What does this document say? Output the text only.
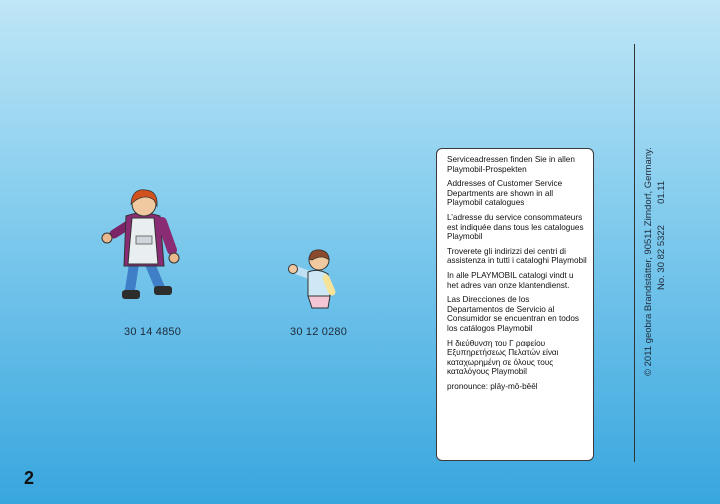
30 14 4850	30 12 0280

Serviceadressen finden Sie in allen Playmobil-Prospekten

Addresses of Customer Service Departments are shown in all Playmobil catalogues

L’adresse du service consommateurs est indiquée dans tous les catalogues Playmobil

Troverete gli indirizzi dei centri di assistenza in tutti i cataloghi Playmobil

In alle PLAYMOBIL catalogi vindt u het adres van onze klantendienst.

Las Direcciones de los Departamentos de Servicio al Consumidor se encuentran en todos los catálogos Playmobil

Η διεύθυνση του Γ ραφείου Εξυπηρετήσεως Πελατών είναι καταχωρημένη σε όλους τους καταλόγους Playmobil

pronounce: plāy-mō-bēēl

© 2011 geobra Brandstätter, 90511 Zirndorf, Germany. No. 30 82 5322        01.11
2
